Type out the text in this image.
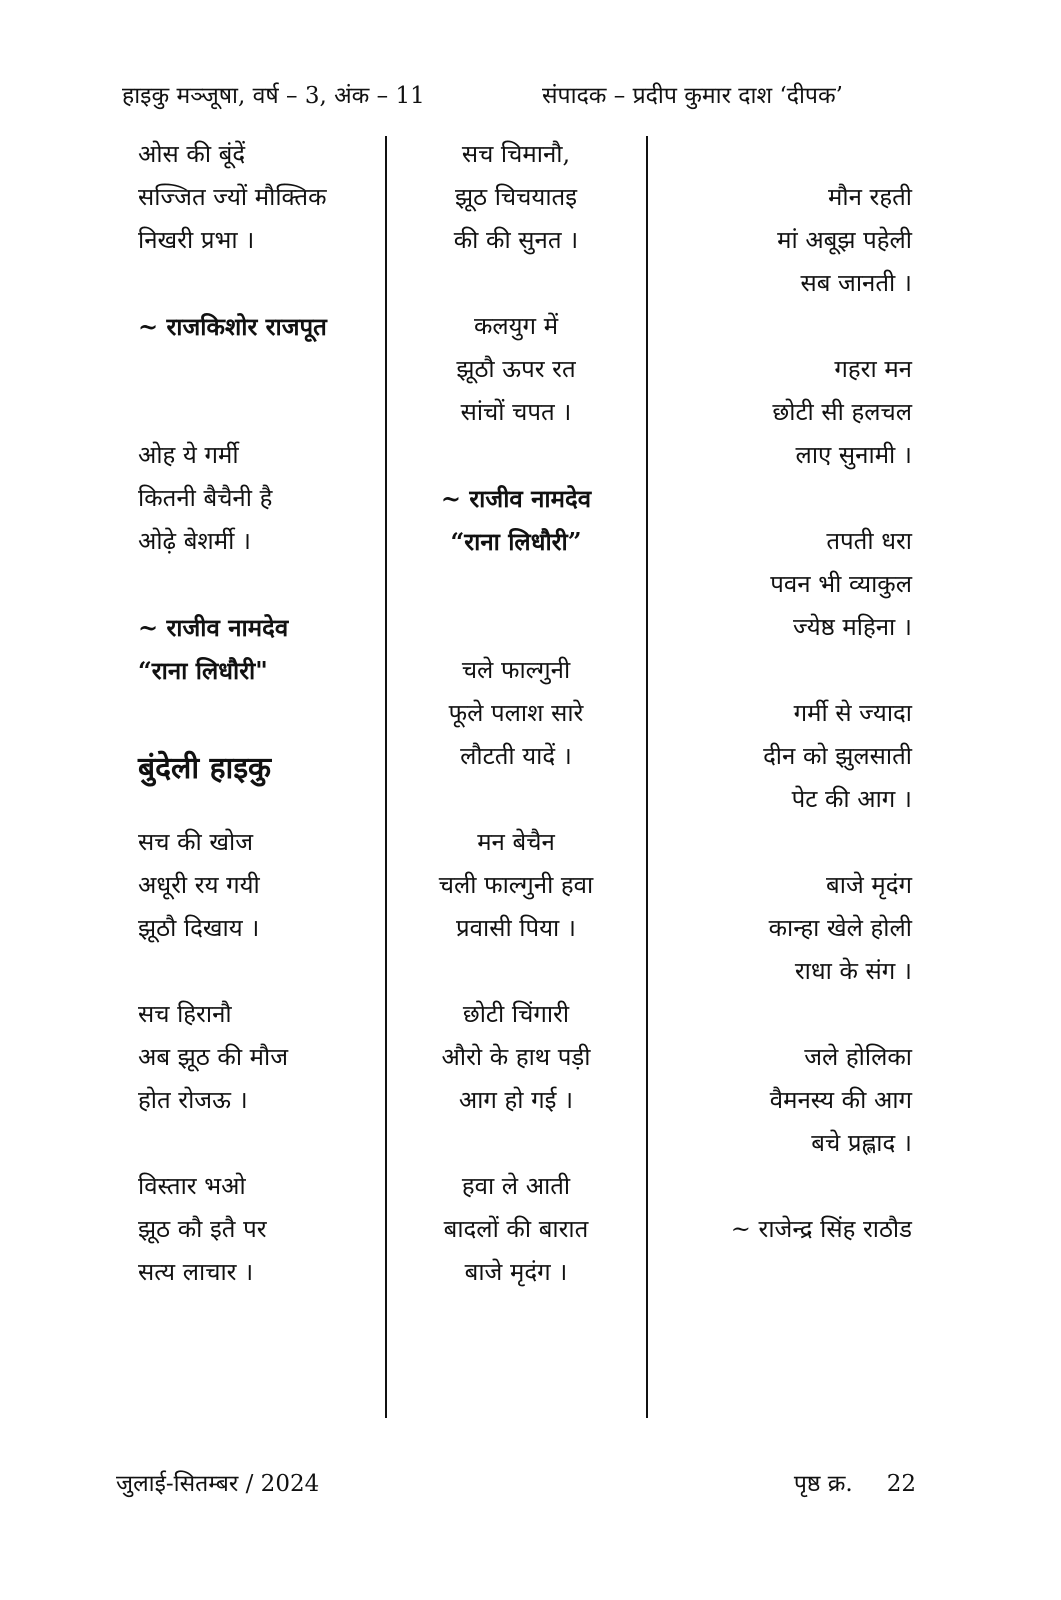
हाइकु मञ्जूषा, वर्ष – 3, अंक – 11	संपादक – प्रदीप कुमार दाश ‘दीपक’
ओस की बूंदें
सज्जित ज्यों मौक्तिक
निखरी प्रभा ।
~ राजकिशोर राजपूत
ओह ये गर्मी
कितनी बैचैनी है
ओढ़े बेशर्मी ।
~ राजीव नामदेव
“राना लिधौरी"
बुंदेली हाइकु
सच की खोज
अधूरी रय गयी
झूठौ दिखाय ।
सच हिरानौ
अब झूठ की मौज
होत रोजऊ ।
विस्तार भओ
झूठ कौ इतै पर
सत्य लाचार ।
सच चिमानौ,
झूठ चिचयातइ
की की सुनत ।
कलयुग में
झूठौ ऊपर रत
सांचों चपत ।
~ राजीव नामदेव
“राना लिधौरी”
चले फाल्गुनी
फूले पलाश सारे
लौटती यादें ।
मन बेचैन
चली फाल्गुनी हवा
प्रवासी पिया ।
छोटी चिंगारी
औरो के हाथ पड़ी
आग हो गई ।
हवा ले आती
बादलों की बारात
बाजे मृदंग ।
मौन रहती
मां अबूझ पहेली
सब जानती ।
गहरा मन
छोटी सी हलचल
लाए सुनामी ।
तपती धरा
पवन भी व्याकुल
ज्येष्ठ महिना ।
गर्मी से ज्यादा
दीन को झुलसाती
पेट की आग ।
बाजे मृदंग
कान्हा खेले होली
राधा के संग ।
जले होलिका
वैमनस्य की आग
बचे प्रह्लाद ।
~ राजेन्द्र सिंह राठौड
जुलाई-सितम्बर / 2024	पृष्ठ क्र. 22
